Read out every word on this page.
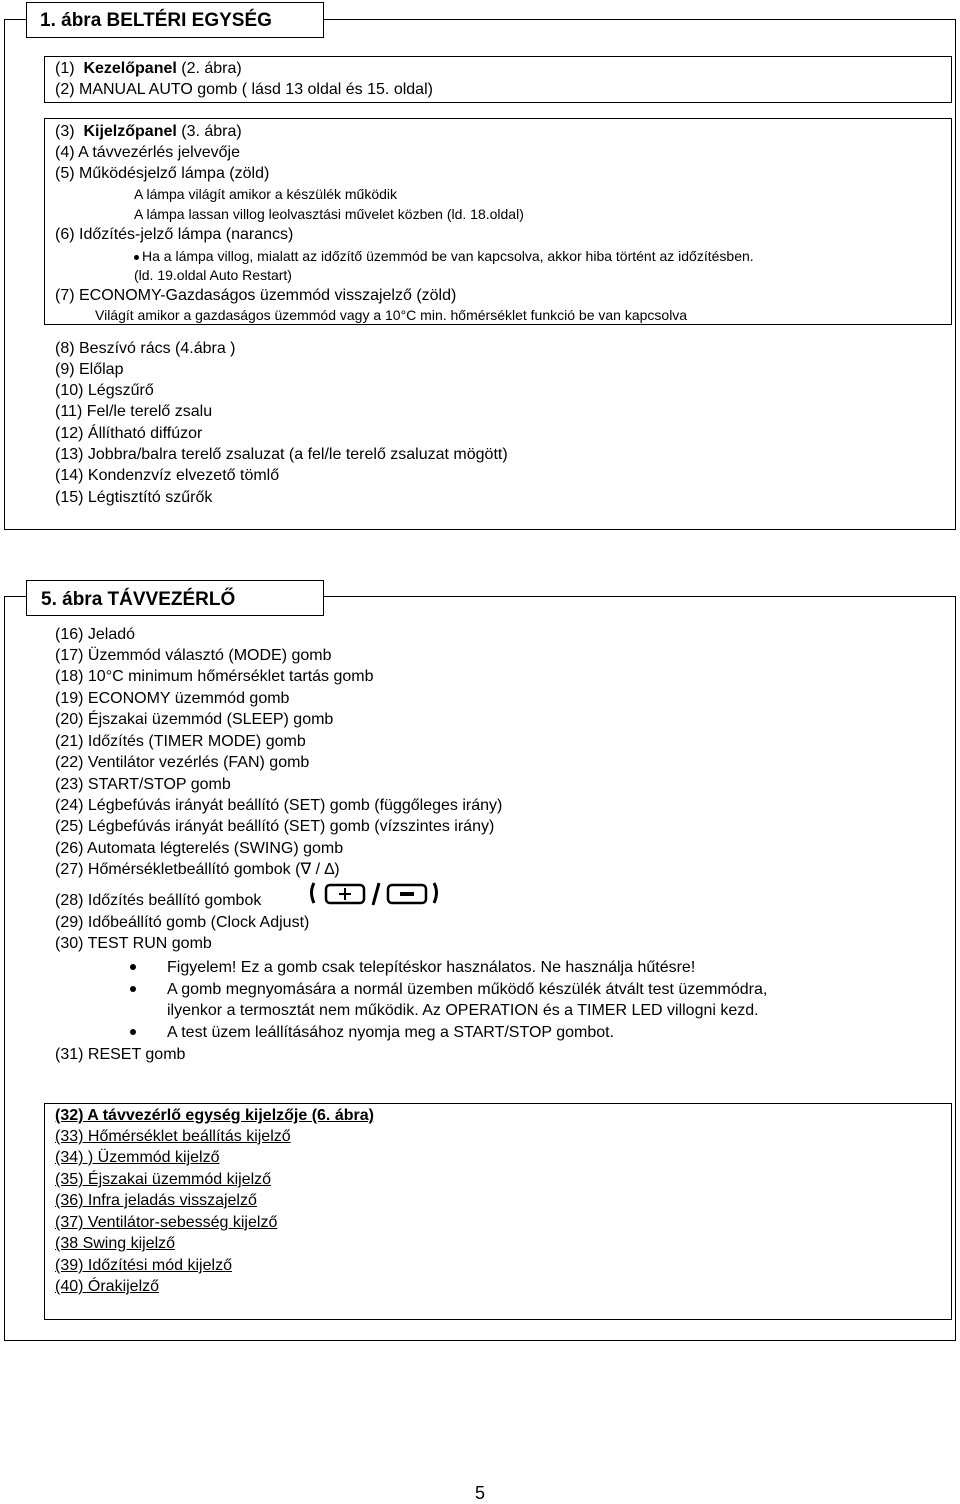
1. ábra BELTÉRI EGYSÉG
(1) Kezelőpanel (2. ábra)
(2) MANUAL AUTO gomb ( lásd 13 oldal és 15. oldal)
(3) Kijelzőpanel (3. ábra)
(4) A távvezérlés jelvevője
(5) Működésjelző lámpa (zöld)
A lámpa világít amikor a készülék működik
A lámpa lassan villog leolvasztási művelet közben (ld. 18.oldal)
(6) Időzítés-jelző lámpa (narancs)
Ha a lámpa villog, mialatt az időzítő üzemmód be van kapcsolva, akkor hiba történt az időzítésben.
(ld. 19.oldal Auto Restart)
(7) ECONOMY-Gazdaságos üzemmód visszajelző (zöld)
Világít amikor a gazdaságos üzemmód vagy a 10°C min. hőmérséklet funkció be van kapcsolva
(8) Beszívó rács (4.ábra )
(9) Előlap
(10) Légszűrő
(11) Fel/le terelő zsalu
(12) Állítható diffúzor
(13) Jobbra/balra terelő zsaluzat (a fel/le terelő zsaluzat mögött)
(14) Kondenzvíz elvezető tömlő
(15) Légtisztító szűrők
5. ábra TÁVVEZÉRLŐ
(16) Jeladó
(17) Üzemmód választó (MODE) gomb
(18) 10°C minimum hőmérséklet tartás gomb
(19) ECONOMY üzemmód gomb
(20) Éjszakai üzemmód (SLEEP) gomb
(21) Időzítés (TIMER MODE) gomb
(22) Ventilátor vezérlés (FAN) gomb
(23) START/STOP gomb
(24) Légbefúvás irányát beállító (SET) gomb (függőleges irány)
(25) Légbefúvás irányát beállító (SET) gomb (vízszintes irány)
(26) Automata légterelés (SWING) gomb
(27) Hőmérsékletbeállító gombok (∇ / ∆)
(28) Időzítés beállító gombok
(29) Időbeállító gomb (Clock Adjust)
(30) TEST RUN gomb
Figyelem! Ez a gomb csak telepítéskor használatos. Ne használja hűtésre!
A gomb megnyomására a normál üzemben működő készülék átvált test üzemmódra,
ilyenkor a termosztát nem működik. Az OPERATION és a TIMER LED villogni kezd.
A test üzem leállításához nyomja meg a START/STOP gombot.
(31) RESET gomb
(32) A távvezérlő egység kijelzője (6. ábra)
(33) Hőmérséklet beállítás kijelző
(34) ) Üzemmód kijelző
(35) Éjszakai üzemmód kijelző
(36) Infra jeladás visszajelző
(37) Ventilátor-sebesség kijelző
(38 Swing kijelző
(39) Időzítési mód kijelző
(40) Órakijelző
5
